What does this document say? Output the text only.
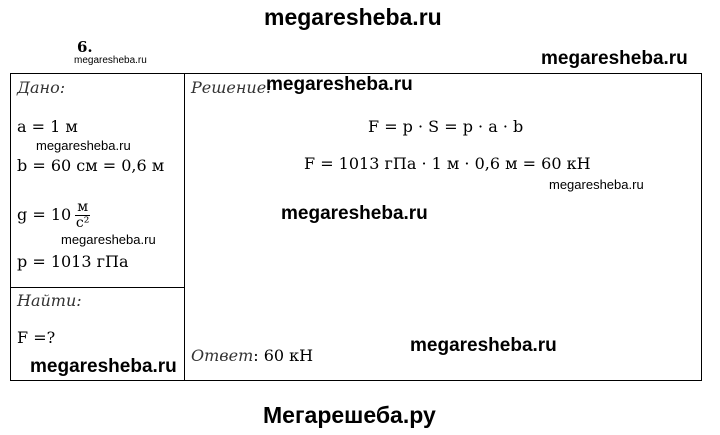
megaresheba.ru
6.
megaresheba.ru	megaresheba.ru
Дано:
a = 1 м
megaresheba.ru
b = 60 см = 0,6 м
$g = 10 \frac{м}{\text{с²}}$
megaresheba.ru
p = 1013 гПа
Найти:
F =?
Решение:
megaresheba.ru
F = p · S = p · a · b
F = 1013 гПа · 1 м · 0,6 м = 60 кН
megaresheba.ru
megaresheba.ru
Ответ: 60 кН	megaresheba.ru
megaresheba.ru
Мегарешеба.ру
